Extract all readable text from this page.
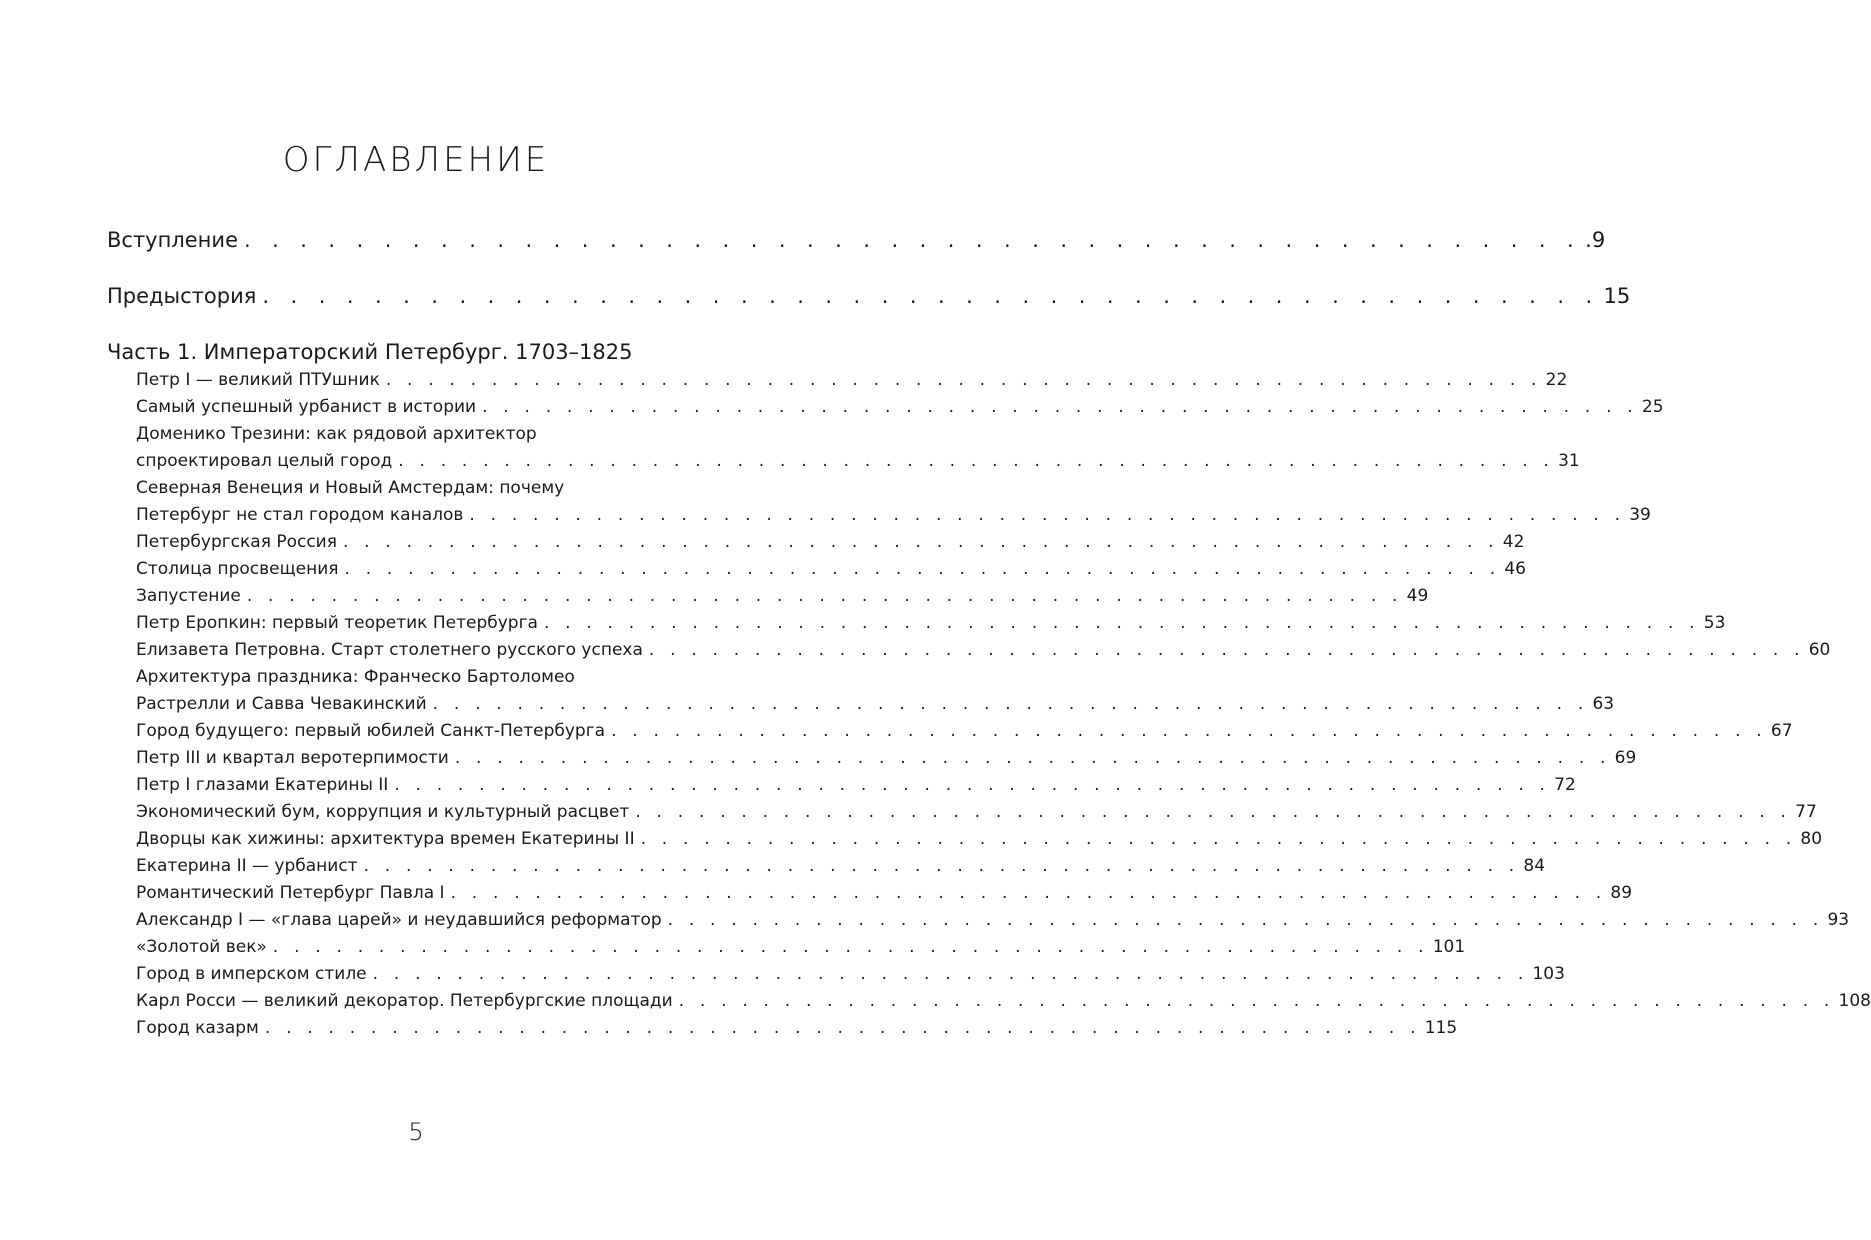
ОГЛАВЛЕНИЕ
Вступление . . . . . . . . . . . . . . . . . . . . . . . . . . . . . . . . . . . . . . . . . . . . . . . . .9
Предыстория . . . . . . . . . . . . . . . . . . . . . . . . . . . . . . . . . . . . . . . . . . . . . . . . 15
Часть 1. Императорский Петербург. 1703–1825
Петр I — великий ПТУшник . . . . . . . . . . . . . . . . . . . . . . . . . . . . . . . . . . . . . . . . . . . . . . . . . . . . . . . 22
Самый успешный урбанист в истории . . . . . . . . . . . . . . . . . . . . . . . . . . . . . . . . . . . . . . . . . . . . . . . . . . . . . . . 25
Доменико Трезини: как рядовой архитектор
спроектировал целый город . . . . . . . . . . . . . . . . . . . . . . . . . . . . . . . . . . . . . . . . . . . . . . . . . . . . . . . 31
Северная Венеция и Новый Амстердам: почему
Петербург не стал городом каналов . . . . . . . . . . . . . . . . . . . . . . . . . . . . . . . . . . . . . . . . . . . . . . . . . . . . . . . 39
Петербургская Россия . . . . . . . . . . . . . . . . . . . . . . . . . . . . . . . . . . . . . . . . . . . . . . . . . . . . . . . 42
Столица просвещения . . . . . . . . . . . . . . . . . . . . . . . . . . . . . . . . . . . . . . . . . . . . . . . . . . . . . . . 46
Запустение . . . . . . . . . . . . . . . . . . . . . . . . . . . . . . . . . . . . . . . . . . . . . . . . . . . . . . . 49
Петр Еропкин: первый теоретик Петербурга . . . . . . . . . . . . . . . . . . . . . . . . . . . . . . . . . . . . . . . . . . . . . . . . . . . . . . . 53
Елизавета Петровна. Старт столетнего русского успеха . . . . . . . . . . . . . . . . . . . . . . . . . . . . . . . . . . . . . . . . . . . . . . . . . . . . . . . 60
Архитектура праздника: Франческо Бартоломео
Растрелли и Савва Чевакинский . . . . . . . . . . . . . . . . . . . . . . . . . . . . . . . . . . . . . . . . . . . . . . . . . . . . . . . 63
Город будущего: первый юбилей Санкт-Петербурга . . . . . . . . . . . . . . . . . . . . . . . . . . . . . . . . . . . . . . . . . . . . . . . . . . . . . . . 67
Петр III и квартал веротерпимости . . . . . . . . . . . . . . . . . . . . . . . . . . . . . . . . . . . . . . . . . . . . . . . . . . . . . . . 69
Петр I глазами Екатерины II . . . . . . . . . . . . . . . . . . . . . . . . . . . . . . . . . . . . . . . . . . . . . . . . . . . . . . . 72
Экономический бум, коррупция и культурный расцвет . . . . . . . . . . . . . . . . . . . . . . . . . . . . . . . . . . . . . . . . . . . . . . . . . . . . . . . 77
Дворцы как хижины: архитектура времен Екатерины II . . . . . . . . . . . . . . . . . . . . . . . . . . . . . . . . . . . . . . . . . . . . . . . . . . . . . . . 80
Екатерина II — урбанист . . . . . . . . . . . . . . . . . . . . . . . . . . . . . . . . . . . . . . . . . . . . . . . . . . . . . . . 84
Романтический Петербург Павла I . . . . . . . . . . . . . . . . . . . . . . . . . . . . . . . . . . . . . . . . . . . . . . . . . . . . . . . 89
Александр I — «глава царей» и неудавшийся реформатор . . . . . . . . . . . . . . . . . . . . . . . . . . . . . . . . . . . . . . . . . . . . . . . . . . . . . . . 93
«Золотой век» . . . . . . . . . . . . . . . . . . . . . . . . . . . . . . . . . . . . . . . . . . . . . . . . . . . . . . . 101
Город в имперском стиле . . . . . . . . . . . . . . . . . . . . . . . . . . . . . . . . . . . . . . . . . . . . . . . . . . . . . . . 103
Карл Росси — великий декоратор. Петербургские площади . . . . . . . . . . . . . . . . . . . . . . . . . . . . . . . . . . . . . . . . . . . . . . . . . . . . . . . 108
Город казарм . . . . . . . . . . . . . . . . . . . . . . . . . . . . . . . . . . . . . . . . . . . . . . . . . . . . . . . 115
5
